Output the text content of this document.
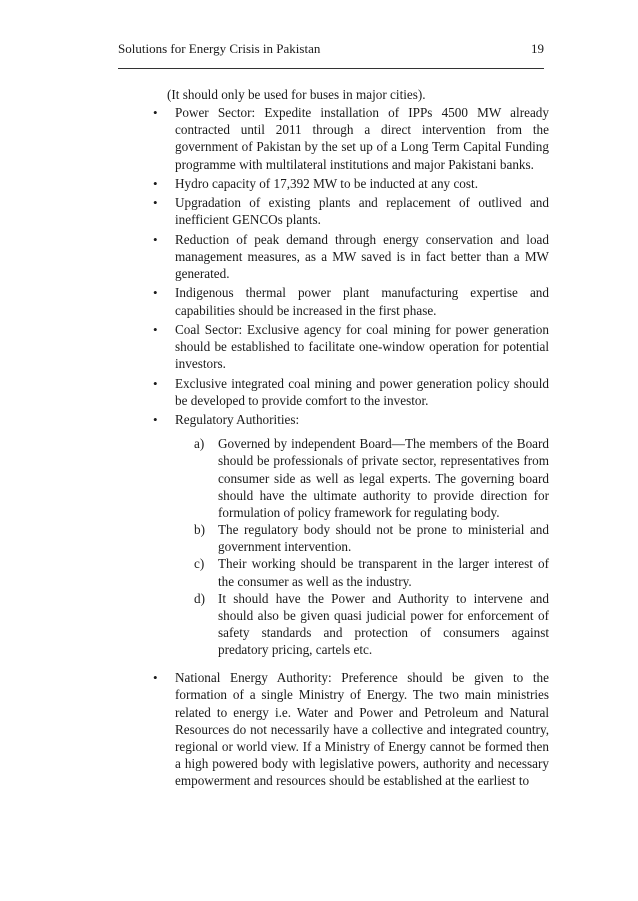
Solutions for Energy Crisis in Pakistan	19

(It should only be used for buses in major cities).

• Power Sector: Expedite installation of IPPs 4500 MW already contracted until 2011 through a direct intervention from the government of Pakistan by the set up of a Long Term Capital Funding programme with multilateral institutions and major Pakistani banks.
• Hydro capacity of 17,392 MW to be inducted at any cost.
• Upgradation of existing plants and replacement of outlived and inefficient GENCOs plants.
• Reduction of peak demand through energy conservation and load management measures, as a MW saved is in fact better than a MW generated.
• Indigenous thermal power plant manufacturing expertise and capabilities should be increased in the first phase.
• Coal Sector: Exclusive agency for coal mining for power generation should be established to facilitate one-window operation for potential investors.
• Exclusive integrated coal mining and power generation policy should be developed to provide comfort to the investor.
• Regulatory Authorities:
a) Governed by independent Board—The members of the Board should be professionals of private sector, representatives from consumer side as well as legal experts. The governing board should have the ultimate authority to provide direction for formulation of policy framework for regulating body.
b) The regulatory body should not be prone to ministerial and government intervention.
c) Their working should be transparent in the larger interest of the consumer as well as the industry.
d) It should have the Power and Authority to intervene and should also be given quasi judicial power for enforcement of safety standards and protection of consumers against predatory pricing, cartels etc.
• National Energy Authority: Preference should be given to the formation of a single Ministry of Energy. The two main ministries related to energy i.e. Water and Power and Petroleum and Natural Resources do not necessarily have a collective and integrated country, regional or world view. If a Ministry of Energy cannot be formed then a high powered body with legislative powers, authority and necessary empowerment and resources should be established at the earliest to
